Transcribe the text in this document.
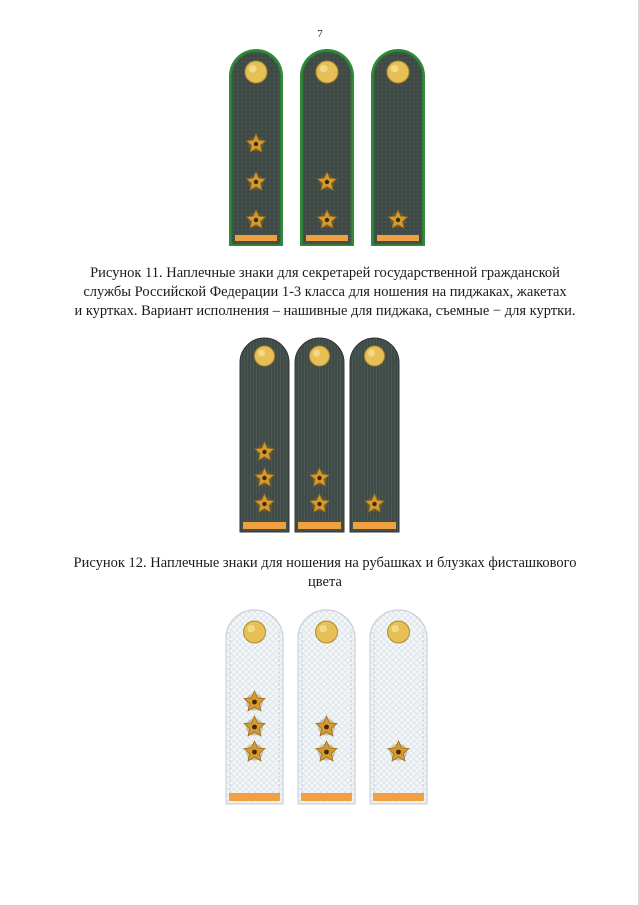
7
Рисунок 11. Наплечные знаки для секретарей государственной гражданской
службы Российской Федерации 1-3 класса для ношения на пиджаках, жакетах
и куртках. Вариант исполнения – нашивные для пиджака, съемные − для куртки.
Рисунок 12. Наплечные знаки для ношения на рубашках и блузках фисташкового
цвета
